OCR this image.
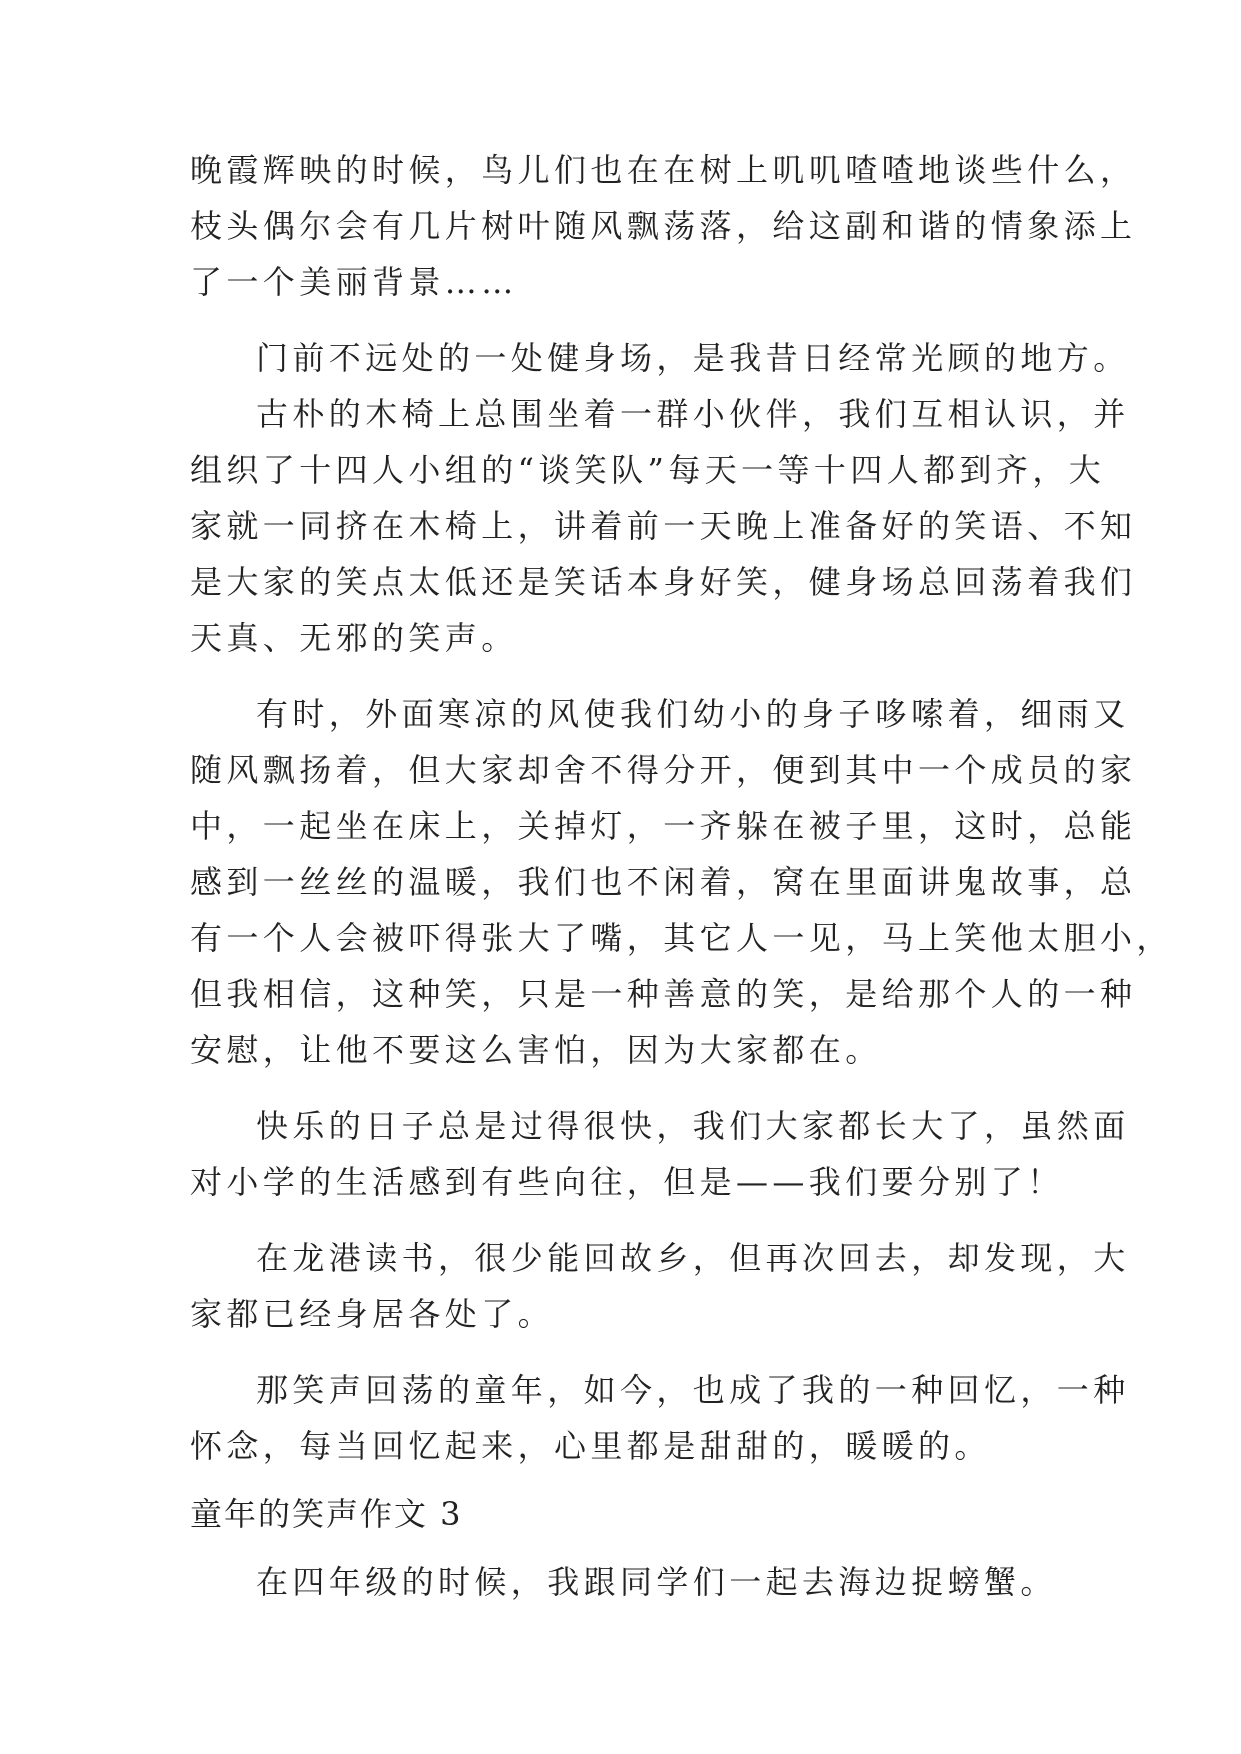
晚霞辉映的时候，鸟儿们也在在树上叽叽喳喳地谈些什么，
枝头偶尔会有几片树叶随风飘荡落，给这副和谐的情象添上
了一个美丽背景……
门前不远处的一处健身场，是我昔日经常光顾的地方。
古朴的木椅上总围坐着一群小伙伴，我们互相认识，并
组织了十四人小组的“谈笑队”每天一等十四人都到齐，大
家就一同挤在木椅上，讲着前一天晚上准备好的笑语、不知
是大家的笑点太低还是笑话本身好笑，健身场总回荡着我们
天真、无邪的笑声。
有时，外面寒凉的风使我们幼小的身子哆嗦着，细雨又
随风飘扬着，但大家却舍不得分开，便到其中一个成员的家
中，一起坐在床上，关掉灯，一齐躲在被子里，这时，总能
感到一丝丝的温暖，我们也不闲着，窝在里面讲鬼故事，总
有一个人会被吓得张大了嘴，其它人一见，马上笑他太胆小，
但我相信，这种笑，只是一种善意的笑，是给那个人的一种
安慰，让他不要这么害怕，因为大家都在。
快乐的日子总是过得很快，我们大家都长大了，虽然面
对小学的生活感到有些向往，但是——我们要分别了！
在龙港读书，很少能回故乡，但再次回去，却发现，大
家都已经身居各处了。
那笑声回荡的童年，如今，也成了我的一种回忆，一种
怀念，每当回忆起来，心里都是甜甜的，暖暖的。
童年的笑声作文 3
在四年级的时候，我跟同学们一起去海边捉螃蟹。
